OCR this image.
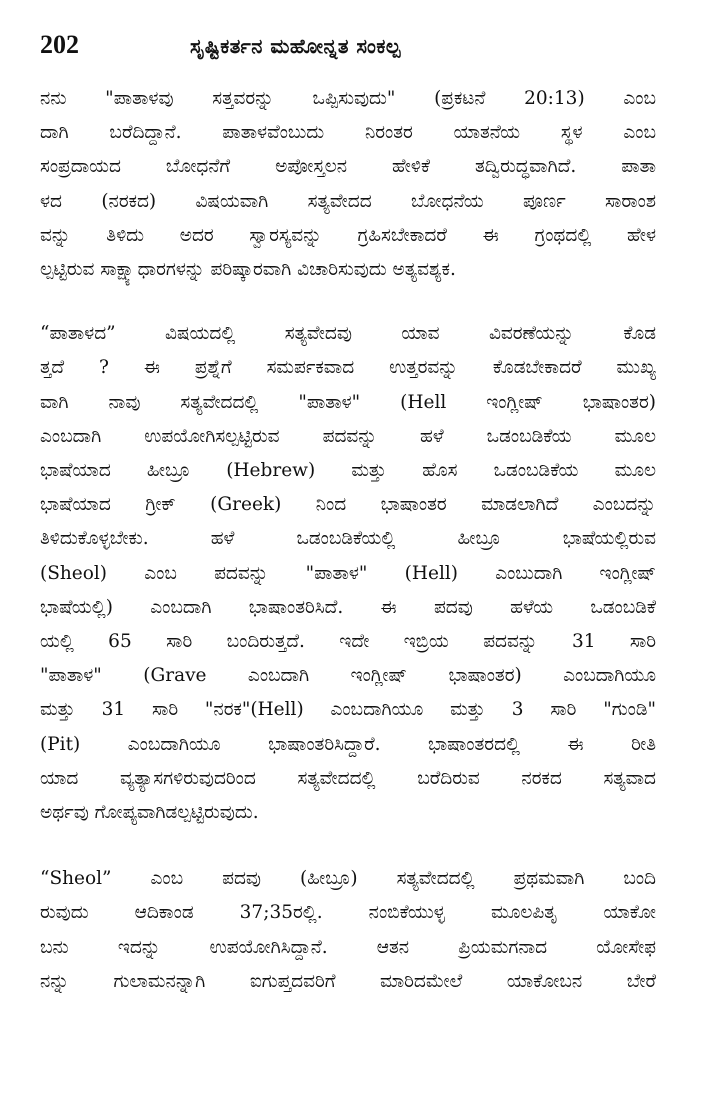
202	ಸೃಷ್ಟಿಕರ್ತನ ಮಹೋನ್ನತ ಸಂಕಲ್ಪ
ನನು "ಪಾತಾಳವು ಸತ್ತವರನ್ನು ಒಪ್ಪಿಸುವುದು" (ಪ್ರಕಟನೆ 20:13) ಎಂಬ
ದಾಗಿ ಬರೆದಿದ್ದಾನೆ. ಪಾತಾಳವೆಂಬುದು ನಿರಂತರ ಯಾತನೆಯ ಸ್ಥಳ ಎಂಬ
ಸಂಪ್ರದಾಯದ ಬೋಧನೆಗೆ ಅಪೋಸ್ತಲನ ಹೇಳಿಕೆ ತದ್ವಿರುದ್ಧವಾಗಿದೆ. ಪಾತಾ
ಳದ (ನರಕದ) ವಿಷಯವಾಗಿ ಸತ್ಯವೇದದ ಬೋಧನೆಯ ಪೂರ್ಣ ಸಾರಾಂಶ
ವನ್ನು ತಿಳಿದು ಅದರ ಸ್ವಾರಸ್ಯವನ್ನು ಗ್ರಹಿಸಬೇಕಾದರೆ ಈ ಗ್ರಂಥದಲ್ಲಿ ಹೇಳ
ಲ್ಪಟ್ಟಿರುವ ಸಾಕ್ಷ್ಯಾಧಾರಗಳನ್ನು ಪರಿಷ್ಕಾರವಾಗಿ ವಿಚಾರಿಸುವುದು ಅತ್ಯವಶ್ಯಕ.
“ಪಾತಾಳದ” ವಿಷಯದಲ್ಲಿ ಸತ್ಯವೇದವು ಯಾವ ವಿವರಣೆಯನ್ನು ಕೊಡ
ತ್ತದೆ ? ಈ ಪ್ರಶ್ನೆಗೆ ಸಮರ್ಪಕವಾದ ಉತ್ತರವನ್ನು ಕೊಡಬೇಕಾದರೆ ಮುಖ್ಯ
ವಾಗಿ ನಾವು ಸತ್ಯವೇದದಲ್ಲಿ "ಪಾತಾಳ" (Hell ಇಂಗ್ಲೀಷ್ ಭಾಷಾಂತರ)
ಎಂಬದಾಗಿ ಉಪಯೋಗಿಸಲ್ಪಟ್ಟಿರುವ ಪದವನ್ನು ಹಳೆ ಒಡಂಬಡಿಕೆಯ ಮೂಲ
ಭಾಷೆಯಾದ ಹೀಬ್ರೂ (Hebrew) ಮತ್ತು ಹೊಸ ಒಡಂಬಡಿಕೆಯ ಮೂಲ
ಭಾಷೆಯಾದ ಗ್ರೀಕ್ (Greek) ನಿಂದ ಭಾಷಾಂತರ ಮಾಡಲಾಗಿದೆ ಎಂಬದನ್ನು
ತಿಳಿದುಕೊಳ್ಳಬೇಕು. ಹಳೆ ಒಡಂಬಡಿಕೆಯಲ್ಲಿ ಹೀಬ್ರೂ ಭಾಷೆಯಲ್ಲಿರುವ
(Sheol) ಎಂಬ ಪದವನ್ನು "ಪಾತಾಳ" (Hell) ಎಂಬುದಾಗಿ ಇಂಗ್ಲೀಷ್
ಭಾಷೆಯಲ್ಲಿ) ಎಂಬದಾಗಿ ಭಾಷಾಂತರಿಸಿದೆ. ಈ ಪದವು ಹಳೆಯ ಒಡಂಬಡಿಕೆ
ಯಲ್ಲಿ 65 ಸಾರಿ ಬಂದಿರುತ್ತದೆ. ಇದೇ ಇಬ್ರಿಯ ಪದವನ್ನು 31 ಸಾರಿ
"ಪಾತಾಳ" (Grave ಎಂಬದಾಗಿ ಇಂಗ್ಲೀಷ್ ಭಾಷಾಂತರ) ಎಂಬದಾಗಿಯೂ
ಮತ್ತು 31 ಸಾರಿ "ನರಕ"(Hell) ಎಂಬದಾಗಿಯೂ ಮತ್ತು 3 ಸಾರಿ "ಗುಂಡಿ"
(Pit) ಎಂಬದಾಗಿಯೂ ಭಾಷಾಂತರಿಸಿದ್ದಾರೆ. ಭಾಷಾಂತರದಲ್ಲಿ ಈ ರೀತಿ
ಯಾದ ವ್ಯತ್ಯಾಸಗಳಿರುವುದರಿಂದ ಸತ್ಯವೇದದಲ್ಲಿ ಬರೆದಿರುವ ನರಕದ ಸತ್ಯವಾದ
ಅರ್ಥವು ಗೋಪ್ಯವಾಗಿಡಲ್ಪಟ್ಟಿರುವುದು.
“Sheol” ಎಂಬ ಪದವು (ಹೀಬ್ರೂ) ಸತ್ಯವೇದದಲ್ಲಿ ಪ್ರಥಮವಾಗಿ ಬಂದಿ
ರುವುದು ಆದಿಕಾಂಡ 37;35ರಲ್ಲಿ. ನಂಬಿಕೆಯುಳ್ಳ ಮೂಲಪಿತೃ ಯಾಕೋ
ಬನು ಇದನ್ನು ಉಪಯೋಗಿಸಿದ್ದಾನೆ. ಆತನ ಪ್ರಿಯಮಗನಾದ ಯೋಸೇಫ
ನನ್ನು ಗುಲಾಮನನ್ನಾಗಿ ಐಗುಪ್ತದವರಿಗೆ ಮಾರಿದಮೇಲೆ ಯಾಕೋಬನ ಬೇರೆ
